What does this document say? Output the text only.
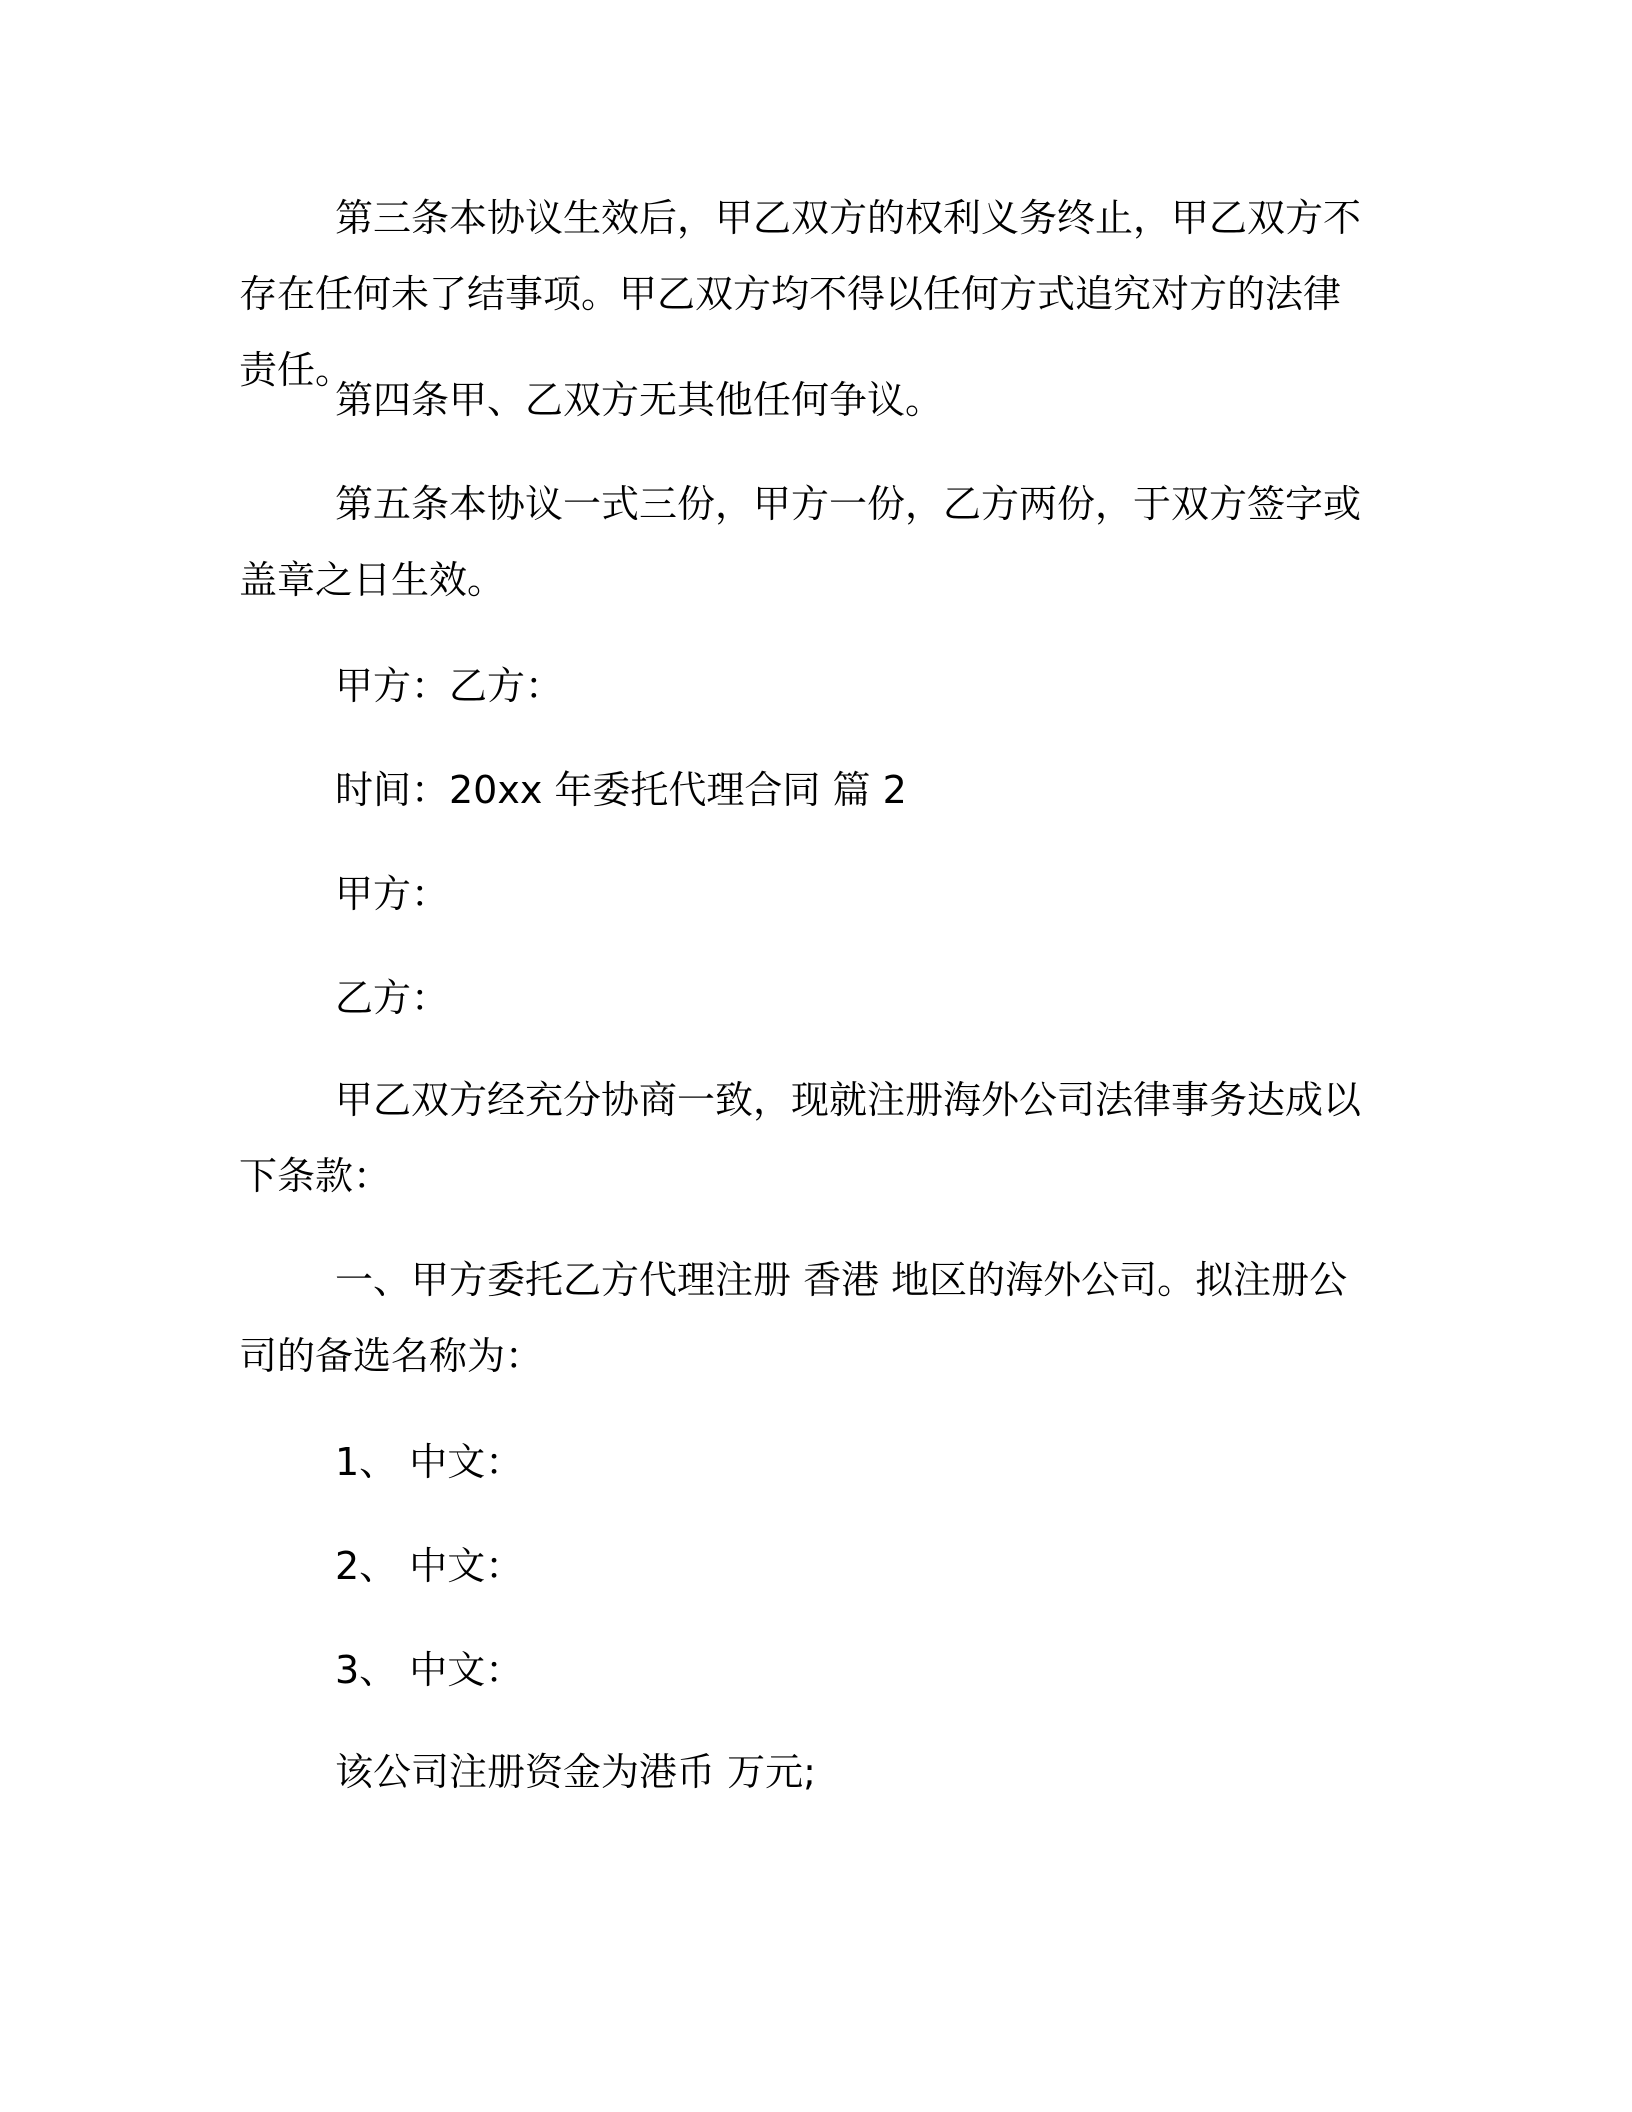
第三条本协议生效后，甲乙双方的权利义务终止，甲乙双方不存在任何未了结事项。甲乙双方均不得以任何方式追究对方的法律责任。

第四条甲、乙双方无其他任何争议。

第五条本协议一式三份，甲方一份，乙方两份，于双方签字或盖章之日生效。

甲方：乙方：

时间：20xx 年委托代理合同 篇 2

甲方：

乙方：

甲乙双方经充分协商一致，现就注册海外公司法律事务达成以下条款：

一、甲方委托乙方代理注册 香港 地区的海外公司。拟注册公司的备选名称为：

1、 中文：

2、 中文：

3、 中文：

该公司注册资金为港币 万元;
